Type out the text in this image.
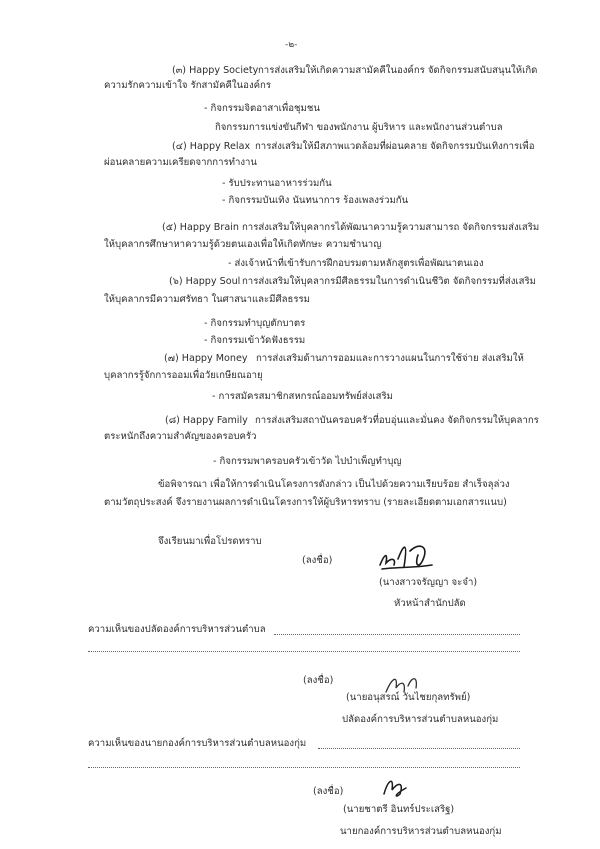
-๒-
(๓) Happy Society การส่งเสริมให้เกิดความสามัคคีในองค์กร จัดกิจกรรมสนับสนุนให้เกิด
ความรักความเข้าใจ รักสามัคคีในองค์กร
- กิจกรรมจิตอาสาเพื่อชุมชน
กิจกรรมการแข่งขันกีฬา ของพนักงาน ผู้บริหาร และพนักงานส่วนตำบล
(๔) Happy Relax การส่งเสริมให้มีสภาพแวดล้อมที่ผ่อนคลาย จัดกิจกรรมบันเทิงการเพื่อ
ผ่อนคลายความเครียดจากการทำงาน
- รับประทานอาหารร่วมกัน
- กิจกรรมบันเทิง นันทนาการ ร้องเพลงร่วมกัน
(๕) Happy Brain การส่งเสริมให้บุคลากรได้พัฒนาความรู้ความสามารถ จัดกิจกรรมส่งเสริม
ให้บุคลากรศึกษาหาความรู้ด้วยตนเองเพื่อให้เกิดทักษะ ความชำนาญ
- ส่งเจ้าหน้าที่เข้ารับการฝึกอบรมตามหลักสูตรเพื่อพัฒนาตนเอง
(๖) Happy Soul การส่งเสริมให้บุคลากรมีศีลธรรมในการดำเนินชีวิต จัดกิจกรรมที่ส่งเสริม
ให้บุคลากรมีความศรัทธา ในศาสนาและมีศีลธรรม
- กิจกรรมทำบุญตักบาตร
- กิจกรรมเข้าวัดฟังธรรม
(๗) Happy Money การส่งเสริมด้านการออมและการวางแผนในการใช้จ่าย ส่งเสริมให้
บุคลากรรู้จักการออมเพื่อวัยเกษียณอายุ
- การสมัครสมาชิกสหกรณ์ออมทรัพย์ส่งเสริม
(๘) Happy Family การส่งเสริมสถาบันครอบครัวที่อบอุ่นและมั่นคง จัดกิจกรรมให้บุคลากร
ตระหนักถึงความสำคัญของครอบครัว
- กิจกรรมพาครอบครัวเข้าวัด ไปบำเพ็ญทำบุญ
ข้อพิจารณา เพื่อให้การดำเนินโครงการดังกล่าว เป็นไปด้วยความเรียบร้อย สำเร็จลุล่วง
ตามวัตถุประสงค์ จึงรายงานผลการดำเนินโครงการให้ผู้บริหารทราบ (รายละเอียดตามเอกสารแนบ)
จึงเรียนมาเพื่อโปรดทราบ
(ลงชื่อ)
(นางสาวจรัญญา จะจำ)
หัวหน้าสำนักปลัด
ความเห็นของปลัดองค์การบริหารส่วนตำบล
(ลงชื่อ)
(นายอนุสรณ์ วันไชยกุลทรัพย์)
ปลัดองค์การบริหารส่วนตำบลหนองกุ่ม
ความเห็นของนายกองค์การบริหารส่วนตำบลหนองกุ่ม
(ลงชื่อ)
(นายชาตรี อินทร์ประเสริฐ)
นายกองค์การบริหารส่วนตำบลหนองกุ่ม
